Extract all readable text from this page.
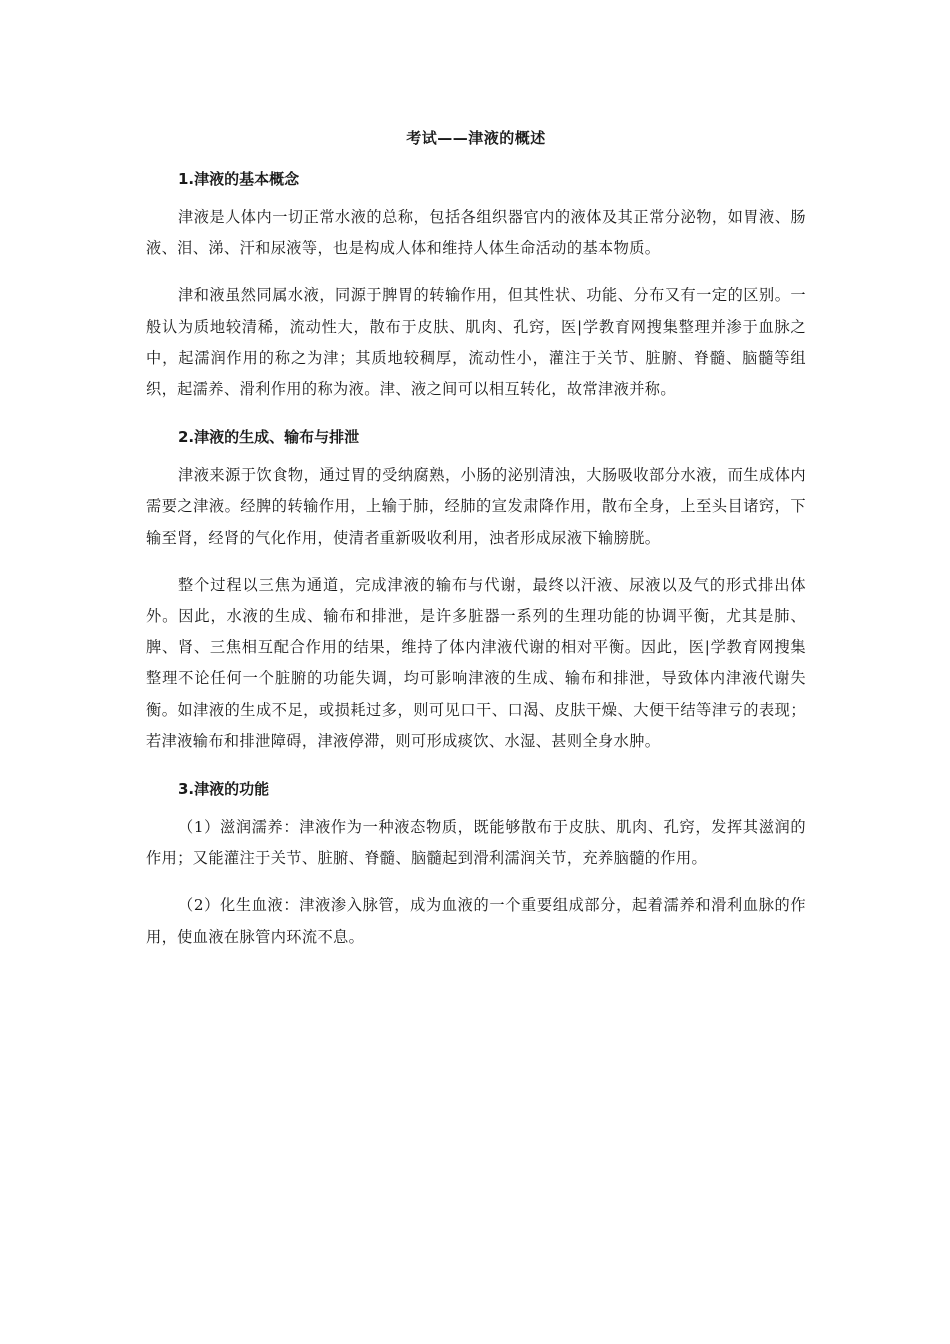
考试——津液的概述
1.津液的基本概念

津液是人体内一切正常水液的总称，包括各组织器官内的液体及其正常分泌物，如胃液、肠液、泪、涕、汗和尿液等，也是构成人体和维持人体生命活动的基本物质。

津和液虽然同属水液，同源于脾胃的转输作用，但其性状、功能、分布又有一定的区别。一般认为质地较清稀，流动性大，散布于皮肤、肌肉、孔窍，医|学教育网搜集整理并渗于血脉之中，起濡润作用的称之为津；其质地较稠厚，流动性小，灌注于关节、脏腑、脊髓、脑髓等组织，起濡养、滑利作用的称为液。津、液之间可以相互转化，故常津液并称。

2.津液的生成、输布与排泄

津液来源于饮食物，通过胃的受纳腐熟，小肠的泌别清浊，大肠吸收部分水液，而生成体内需要之津液。经脾的转输作用，上输于肺，经肺的宣发肃降作用，散布全身，上至头目诸窍，下输至肾，经肾的气化作用，使清者重新吸收利用，浊者形成尿液下输膀胱。

整个过程以三焦为通道，完成津液的输布与代谢，最终以汗液、尿液以及气的形式排出体外。因此，水液的生成、输布和排泄，是许多脏器一系列的生理功能的协调平衡，尤其是肺、脾、肾、三焦相互配合作用的结果，维持了体内津液代谢的相对平衡。因此，医|学教育网搜集整理不论任何一个脏腑的功能失调，均可影响津液的生成、输布和排泄，导致体内津液代谢失衡。如津液的生成不足，或损耗过多，则可见口干、口渴、皮肤干燥、大便干结等津亏的表现；若津液输布和排泄障碍，津液停滞，则可形成痰饮、水湿、甚则全身水肿。

3.津液的功能

（1）滋润濡养：津液作为一种液态物质，既能够散布于皮肤、肌肉、孔窍，发挥其滋润的作用；又能灌注于关节、脏腑、脊髓、脑髓起到滑利濡润关节，充养脑髓的作用。

（2）化生血液：津液渗入脉管，成为血液的一个重要组成部分，起着濡养和滑利血脉的作用，使血液在脉管内环流不息。
